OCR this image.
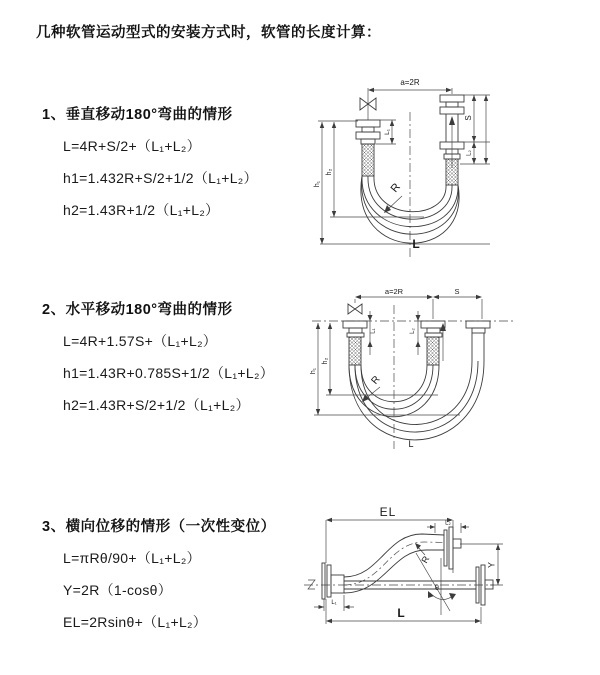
几种软管运动型式的安装方式时，软管的长度计算：
1、垂直移动180°弯曲的情形
L=4R+S/2+（L₁+L₂）
h1=1.432R+S/2+1/2（L₁+L₂）
h2=1.43R+1/2（L₁+L₂）
2、水平移动180°弯曲的情形
L=4R+1.57S+（L₁+L₂）
h1=1.43R+0.785S+1/2（L₁+L₂）
h2=1.43R+S/2+1/2（L₁+L₂）
3、横向位移的情形（一次性变位）
L=πRθ/90+（L₁+L₂）
Y=2R（1-cosθ）
EL=2Rsinθ+（L₁+L₂）
a=2R
R
h₁
h₂
L₁
S
L₂
L
a=2R	S
R
h₁
h₂
L₁	L₂
L
EL
L₂
Y
θ
R
L₁
L
